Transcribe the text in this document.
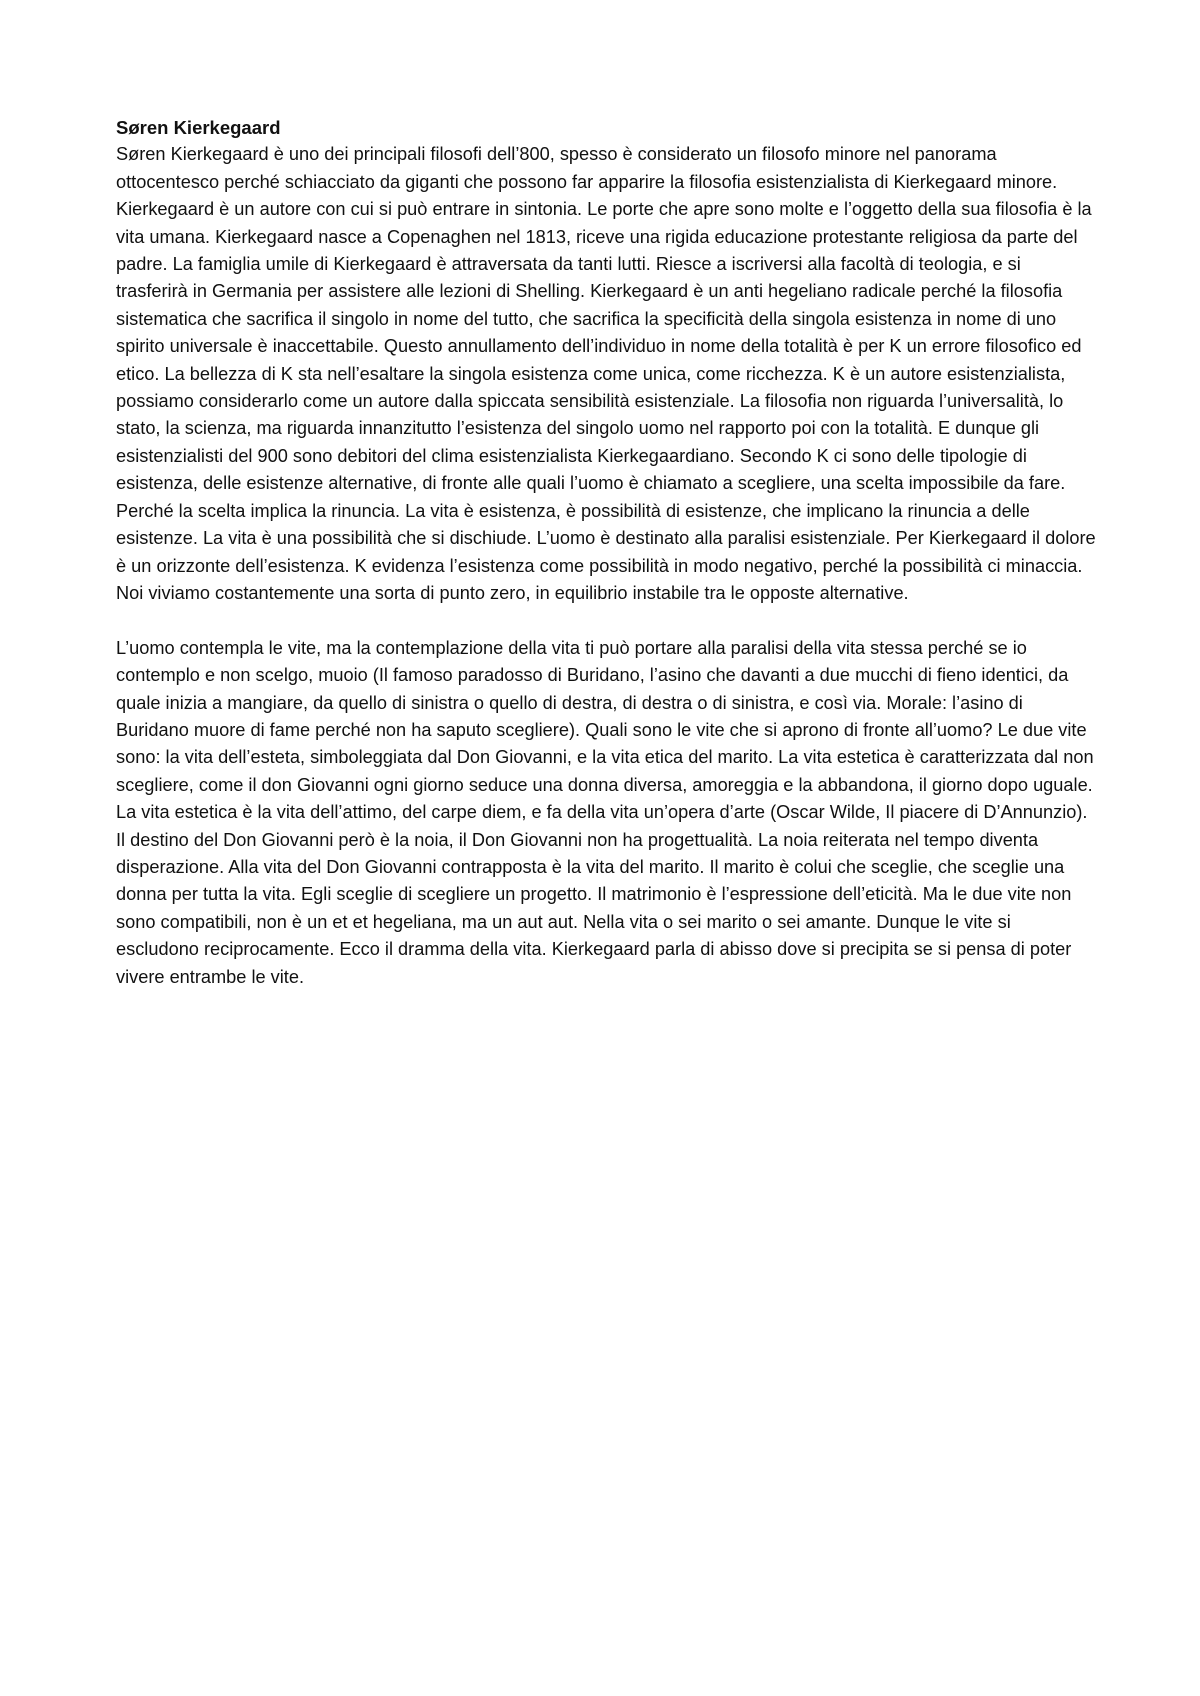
Søren Kierkegaard

Søren Kierkegaard è uno dei principali filosofi dell’800, spesso è considerato un filosofo minore nel panorama ottocentesco perché schiacciato da giganti che possono far apparire la filosofia esistenzialista di Kierkegaard minore. Kierkegaard è un autore con cui si può entrare in sintonia. Le porte che apre sono molte e l’oggetto della sua filosofia è la vita umana. Kierkegaard nasce a Copenaghen nel 1813, riceve una rigida educazione protestante religiosa da parte del padre. La famiglia umile di Kierkegaard è attraversata da tanti lutti. Riesce a iscriversi alla facoltà di teologia, e si trasferirà in Germania per assistere alle lezioni di Shelling. Kierkegaard è un anti hegeliano radicale perché la filosofia sistematica che sacrifica il singolo in nome del tutto, che sacrifica la specificità della singola esistenza in nome di uno spirito universale è inaccettabile. Questo annullamento dell’individuo in nome della totalità è per K un errore filosofico ed etico. La bellezza di K sta nell’esaltare la singola esistenza come unica, come ricchezza. K è un autore esistenzialista, possiamo considerarlo come un autore dalla spiccata sensibilità esistenziale. La filosofia non riguarda l’universalità, lo stato, la scienza, ma riguarda innanzitutto l’esistenza del singolo uomo nel rapporto poi con la totalità. E dunque gli esistenzialisti del 900 sono debitori del clima esistenzialista Kierkegaardiano. Secondo K ci sono delle tipologie di esistenza, delle esistenze alternative, di fronte alle quali l’uomo è chiamato a scegliere, una scelta impossibile da fare. Perché la scelta implica la rinuncia. La vita è esistenza, è possibilità di esistenze, che implicano la rinuncia a delle esistenze. La vita è una possibilità che si dischiude. L’uomo è destinato alla paralisi esistenziale. Per Kierkegaard il dolore è un orizzonte dell’esistenza. K evidenza l’esistenza come possibilità in modo negativo, perché la possibilità ci minaccia. Noi viviamo costantemente una sorta di punto zero, in equilibrio instabile tra le opposte alternative.

L’uomo contempla le vite, ma la contemplazione della vita ti può portare alla paralisi della vita stessa perché se io contemplo e non scelgo, muoio (Il famoso paradosso di Buridano, l’asino che davanti a due mucchi di fieno identici, da quale inizia a mangiare, da quello di sinistra o quello di destra, di destra o di sinistra, e così via. Morale: l’asino di Buridano muore di fame perché non ha saputo scegliere). Quali sono le vite che si aprono di fronte all’uomo? Le due vite sono: la vita dell’esteta, simboleggiata dal Don Giovanni, e la vita etica del marito. La vita estetica è caratterizzata dal non scegliere, come il don Giovanni ogni giorno seduce una donna diversa, amoreggia e la abbandona, il giorno dopo uguale. La vita estetica è la vita dell’attimo, del carpe diem, e fa della vita un’opera d’arte (Oscar Wilde, Il piacere di D’Annunzio). Il destino del Don Giovanni però è la noia, il Don Giovanni non ha progettualità. La noia reiterata nel tempo diventa disperazione. Alla vita del Don Giovanni contrapposta è la vita del marito. Il marito è colui che sceglie, che sceglie una donna per tutta la vita. Egli sceglie di scegliere un progetto. Il matrimonio è l’espressione dell’eticità. Ma le due vite non sono compatibili, non è un et et hegeliana, ma un aut aut. Nella vita o sei marito o sei amante. Dunque le vite si escludono reciprocamente. Ecco il dramma della vita. Kierkegaard parla di abisso dove si precipita se si pensa di poter vivere entrambe le vite.
